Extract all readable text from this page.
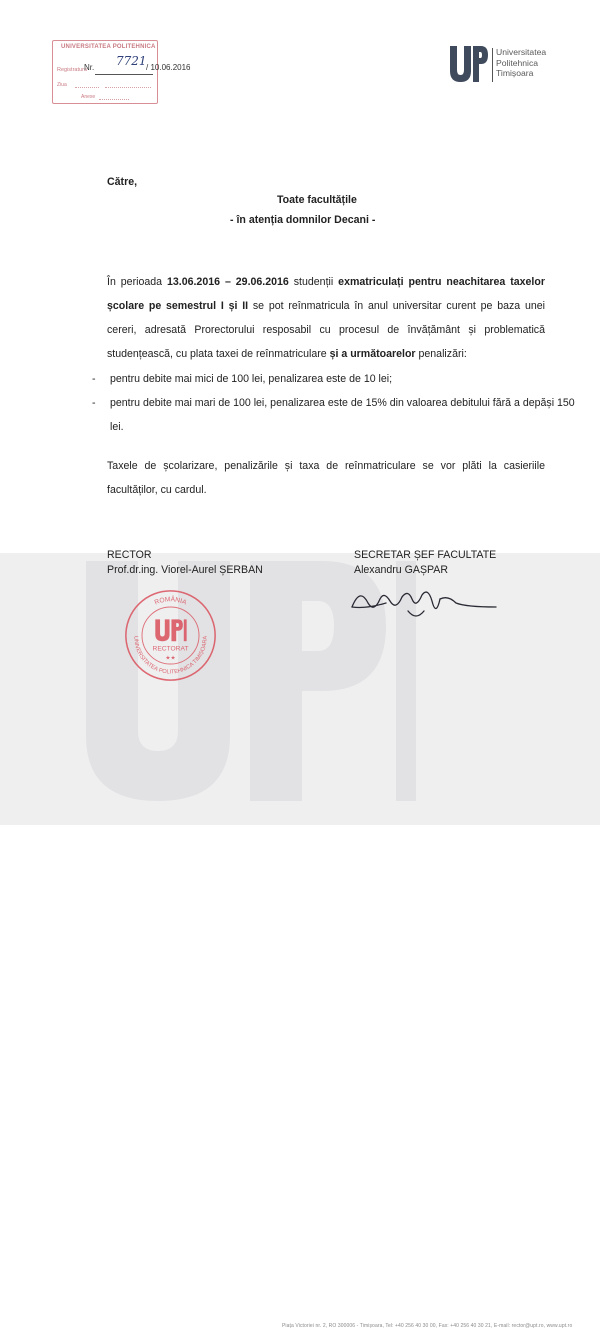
Piața Victoriei nr. 2, RO 300006 - Timișoara, Tel: +40 256 40 30 00, Fax: +40 256 40 30 21, E-mail: rector@upt.ro, www.upt.ro
UNIVERSITATEA POLITEHNICA
Registratura
Ziua
Anexe
Nr. 7721 / 10.06.2016
Universitatea
Politehnica
Timișoara
Către,
Toate facultățile
- în atenția domnilor Decani -
În perioada 13.06.2016 – 29.06.2016 studenții exmatriculați pentru neachitarea taxelor școlare pe semestrul I și II se pot reînmatricula în anul universitar curent pe baza unei cereri, adresată Prorectorului resposabil cu procesul de învățământ și problematică studențească, cu plata taxei de reînmatriculare și a următoarelor penalizări:
- pentru debite mai mici de 100 lei, penalizarea este de 10 lei;
- pentru debite mai mari de 100 lei, penalizarea este de 15% din valoarea debitului fără a depăși 150
lei.
Taxele de școlarizare, penalizările și taxa de reînmatriculare se vor plăti la casieriile facultăților, cu cardul.
RECTOR
Prof.dr.ing. Viorel-Aurel ȘERBAN
SECRETAR ȘEF FACULTATE
Alexandru GAȘPAR
ROMÂNIA
UNIVERSITATEA POLITEHNICA TIMIȘOARA
RECTORAT
★★
